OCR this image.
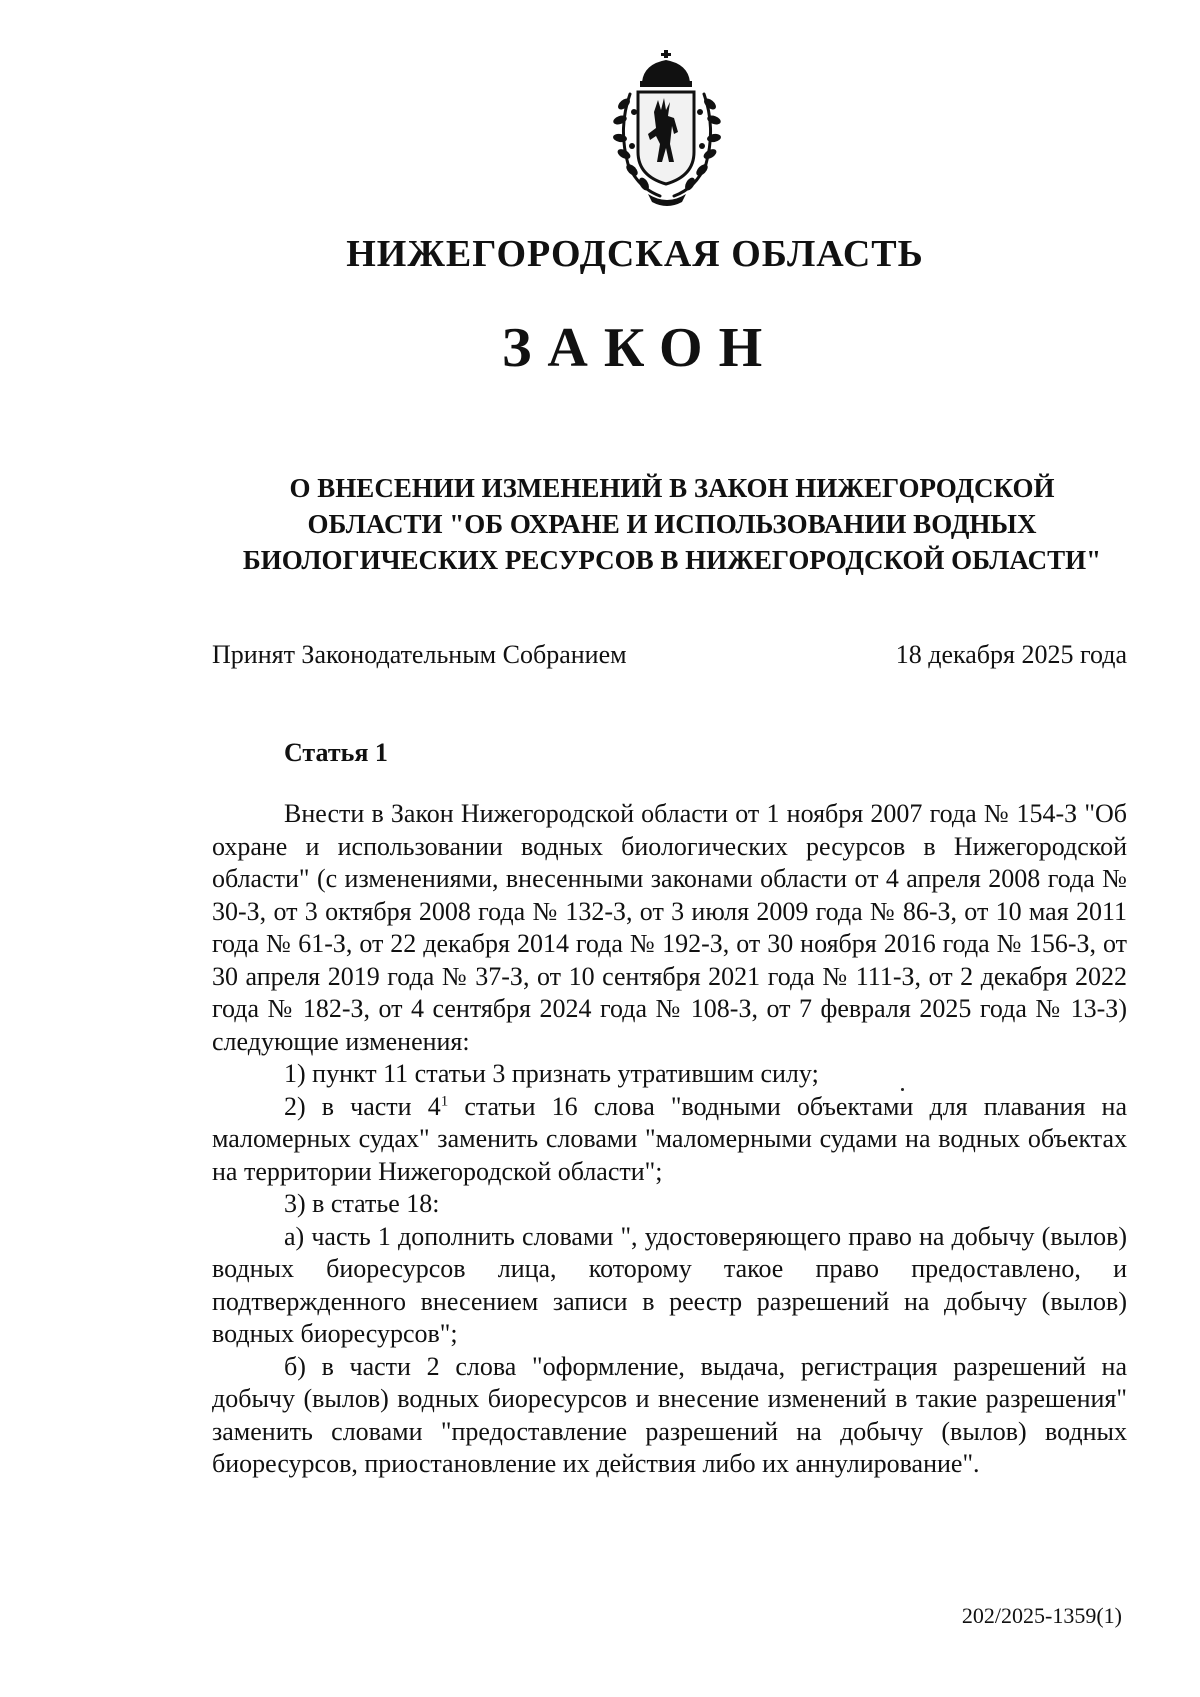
НИЖЕГОРОДСКАЯ ОБЛАСТЬ
ЗАКОН
О ВНЕСЕНИИ ИЗМЕНЕНИЙ В ЗАКОН НИЖЕГОРОДСКОЙ
ОБЛАСТИ "ОБ ОХРАНЕ И ИСПОЛЬЗОВАНИИ ВОДНЫХ
БИОЛОГИЧЕСКИХ РЕСУРСОВ В НИЖЕГОРОДСКОЙ ОБЛАСТИ"
Принят Законодательным Собранием	18 декабря 2025 года
Статья 1

Внести в Закон Нижегородской области от 1 ноября 2007 года № 154-З "Об охране и использовании водных биологических ресурсов в Нижегородской области" (с изменениями, внесенными законами области от 4 апреля 2008 года № 30-З, от 3 октября 2008 года № 132-З, от 3 июля 2009 года № 86-З, от 10 мая 2011 года № 61-З, от 22 декабря 2014 года № 192-З, от 30 ноября 2016 года № 156-З, от 30 апреля 2019 года № 37-З, от 10 сентября 2021 года № 111-З, от 2 декабря 2022 года № 182-З, от 4 сентября 2024 года № 108-З, от 7 февраля 2025 года № 13-З) следующие изменения:

1) пункт 11 статьи 3 признать утратившим силу;

2) в части $4^1$ статьи 16 слова "водными объектами для плавания на маломерных судах" заменить словами "маломерными судами на водных объектах на территории Нижегородской области";

3) в статье 18:

а) часть 1 дополнить словами ", удостоверяющего право на добычу (вылов) водных биоресурсов лица, которому такое право предоставлено, и подтвержденного внесением записи в реестр разрешений на добычу (вылов) водных биоресурсов";

б) в части 2 слова "оформление, выдача, регистрация разрешений на добычу (вылов) водных биоресурсов и внесение изменений в такие разрешения" заменить словами "предоставление разрешений на добычу (вылов) водных биоресурсов, приостановление их действия либо их аннулирование".

202/2025-1359(1)
